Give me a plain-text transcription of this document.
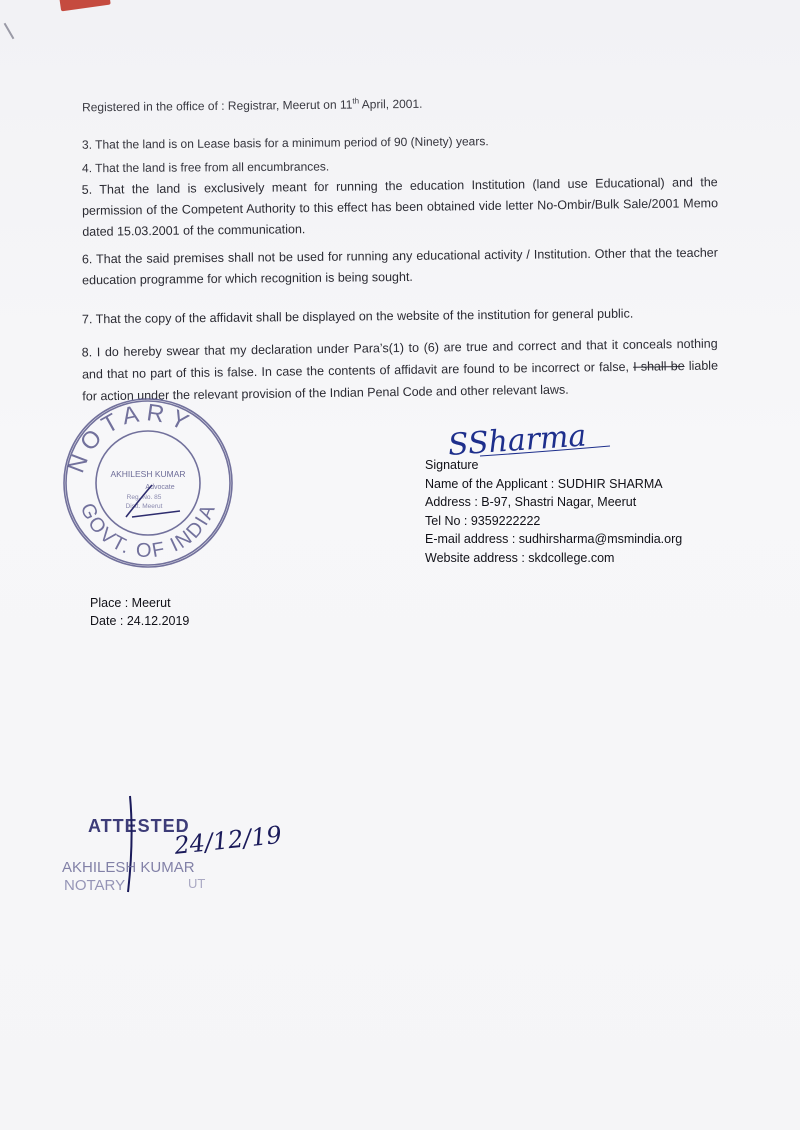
Registered in the office of : Registrar, Meerut on 11th April, 2001.
3. That the land is on Lease basis for a minimum period of 90 (Ninety) years.
4. That the land is free from all encumbrances.
5. That the land is exclusively meant for running the education Institution (land use Educational) and the permission of the Competent Authority to this effect has been obtained vide letter No-Ombir/Bulk Sale/2001 Memo dated 15.03.2001 of the communication.
6. That the said premises shall not be used for running any educational activity / Institution. Other that the teacher education programme for which recognition is being sought.
7. That the copy of the affidavit shall be displayed on the website of the institution for general public.
8. I do hereby swear that my declaration under Para’s(1) to (6) are true and correct and that it conceals nothing and that no part of this is false. In case the contents of affidavit are found to be incorrect or false, I shall be liable for action under the relevant provision of the Indian Penal Code and other relevant laws.
NOTARY
GOVT. OF INDIA
AKHILESH KUMAR
Advocate
Reg. No. 85
Distt. Meerut
SSharma
Signature
Name of the Applicant : SUDHIR SHARMA
Address : B-97, Shastri Nagar, Meerut
Tel No : 9359222222
E-mail address : sudhirsharma@msmindia.org
Website address : skdcollege.com
Place : Meerut
Date : 24.12.2019
ATTESTED
24/12/19
AKHILESH KUMAR
NOTARY	UT
